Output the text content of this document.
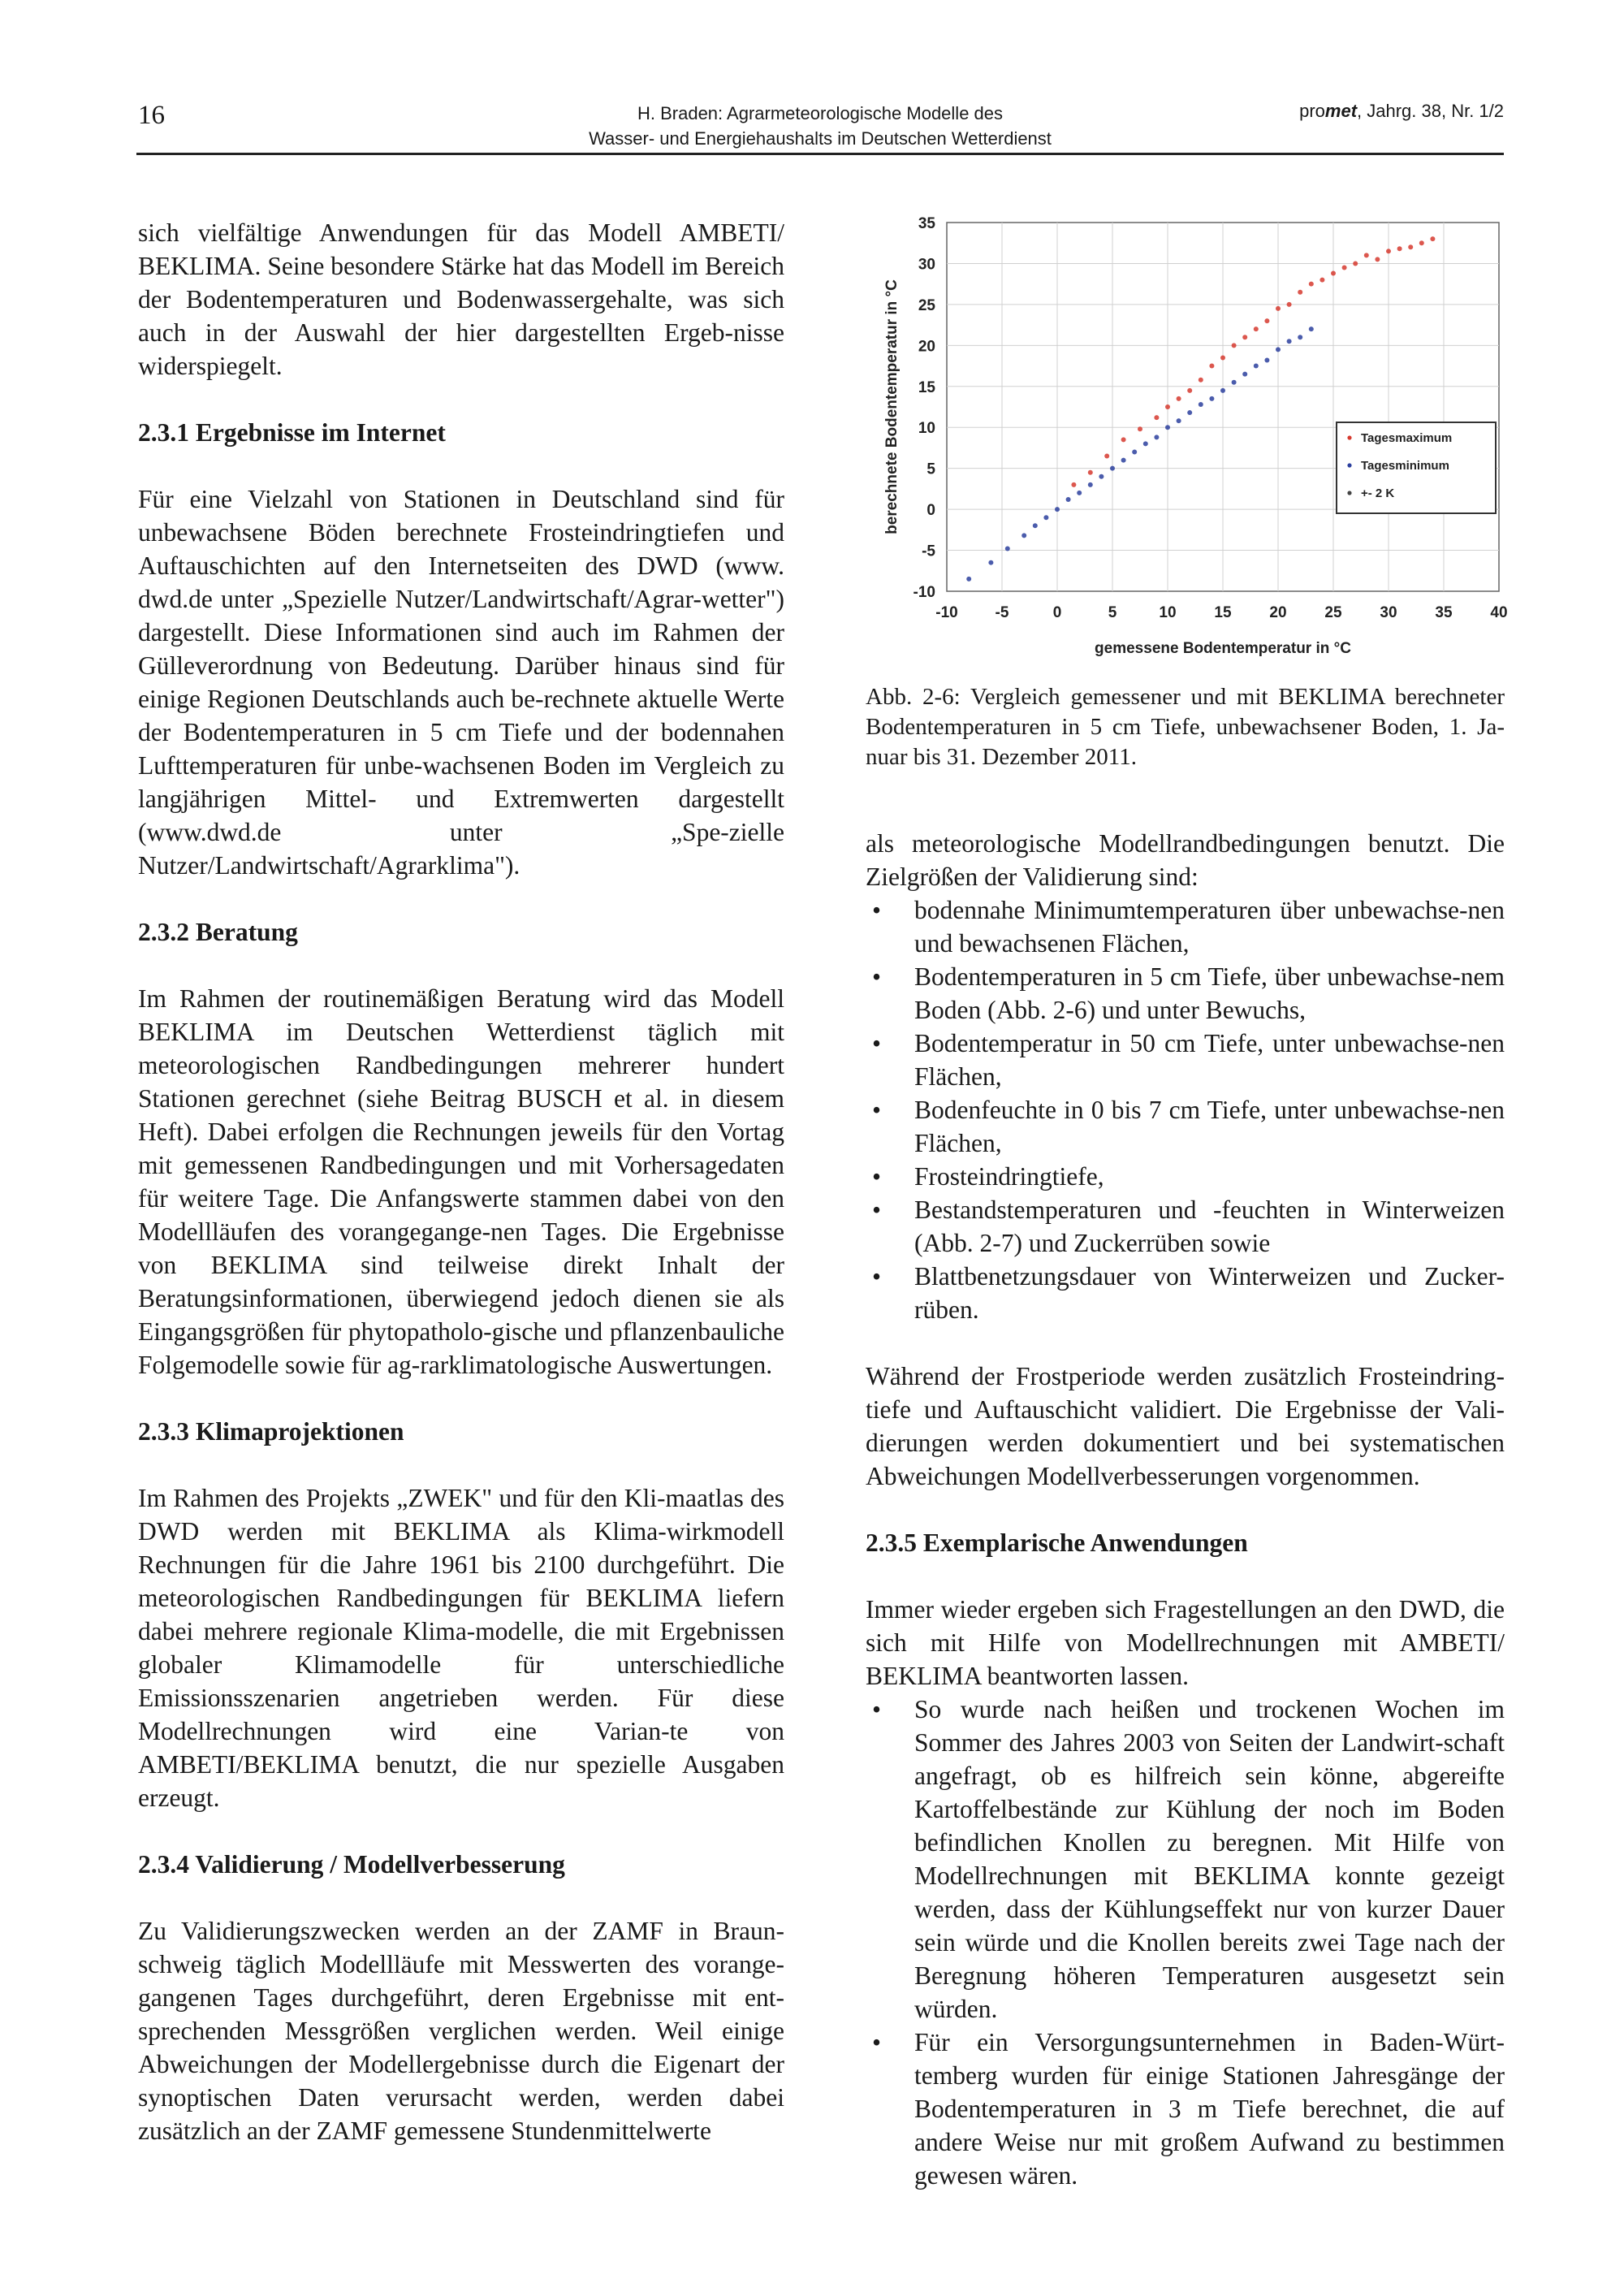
16	H. Braden: Agrarmeteorologische Modelle des
Wasser- und Energiehaushalts im Deutschen Wetterdienst
promet, Jahrg. 38, Nr. 1/2

sich vielfältige Anwendungen für das Modell AMBETI/ BEKLIMA. Seine besondere Stärke hat das Modell im Bereich der Bodentemperaturen und Bodenwassergehalte, was sich auch in der Auswahl der hier dargestellten Ergeb-nisse widerspiegelt.

2.3.1 Ergebnisse im Internet

Für eine Vielzahl von Stationen in Deutschland sind für unbewachsene Böden berechnete Frosteindringtiefen und Auftauschichten auf den Internetseiten des DWD (www. dwd.de unter „Spezielle Nutzer/Landwirtschaft/Agrar-wetter") dargestellt. Diese Informationen sind auch im Rahmen der Gülleverordnung von Bedeutung. Darüber hinaus sind für einige Regionen Deutschlands auch be-rechnete aktuelle Werte der Bodentemperaturen in 5 cm Tiefe und der bodennahen Lufttemperaturen für unbe-wachsenen Boden im Vergleich zu langjährigen Mittel- und Extremwerten dargestellt (www.dwd.de unter „Spe-zielle Nutzer/Landwirtschaft/Agrarklima").

2.3.2 Beratung

Im Rahmen der routinemäßigen Beratung wird das Modell BEKLIMA im Deutschen Wetterdienst täglich mit meteorologischen Randbedingungen mehrerer hundert Stationen gerechnet (siehe Beitrag BUSCH et al. in diesem Heft). Dabei erfolgen die Rechnungen jeweils für den Vortag mit gemessenen Randbedingungen und mit Vorhersagedaten für weitere Tage. Die Anfangswerte stammen dabei von den Modellläufen des vorangegange-nen Tages. Die Ergebnisse von BEKLIMA sind teilweise direkt Inhalt der Beratungsinformationen, überwiegend jedoch dienen sie als Eingangsgrößen für phytopatholo-gische und pflanzenbauliche Folgemodelle sowie für ag-rarklimatologische Auswertungen.

2.3.3 Klimaprojektionen

Im Rahmen des Projekts „ZWEK" und für den Kli-maatlas des DWD werden mit BEKLIMA als Klima-wirkmodell Rechnungen für die Jahre 1961 bis 2100 durchgeführt. Die meteorologischen Randbedingungen für BEKLIMA liefern dabei mehrere regionale Klima-modelle, die mit Ergebnissen globaler Klimamodelle für unterschiedliche Emissionsszenarien angetrieben werden. Für diese Modellrechnungen wird eine Varian-te von AMBETI/BEKLIMA benutzt, die nur spezielle Ausgaben erzeugt.

2.3.4 Validierung / Modellverbesserung

Zu Validierungszwecken werden an der ZAMF in Braun-schweig täglich Modellläufe mit Messwerten des vorange-gangenen Tages durchgeführt, deren Ergebnisse mit ent-sprechenden Messgrößen verglichen werden. Weil einige Abweichungen der Modellergebnisse durch die Eigenart der synoptischen Daten verursacht werden, werden dabei zusätzlich an der ZAMF gemessene Stundenmittelwerte

-10 -5	0	5	10 15 20 25 30 35 40
-10
-5
0
5
10
15
20
25
30
35
gemessene Bodentemperatur in °C
berechnete Bodentemperatur in °C	Tagesmaximum
Tagesminimum
+- 2 K
Abb. 2-6: Vergleich gemessener und mit BEKLIMA berechneter Bodentemperaturen in 5 cm Tiefe, unbewachsener Boden, 1. Ja-nuar bis 31. Dezember 2011.

als meteorologische Modellrandbedingungen benutzt. Die Zielgrößen der Validierung sind:

• bodennahe Minimumtemperaturen über unbewachse-nen und bewachsenen Flächen,
• Bodentemperaturen in 5 cm Tiefe, über unbewachse-nem Boden (Abb. 2-6) und unter Bewuchs,
• Bodentemperatur in 50 cm Tiefe, unter unbewachse-nen Flächen,
• Bodenfeuchte in 0 bis 7 cm Tiefe, unter unbewachse-nen Flächen,
• Frosteindringtiefe,
• Bestandstemperaturen und -feuchten in Winterweizen (Abb. 2-7) und Zuckerrüben sowie
• Blattbenetzungsdauer von Winterweizen und Zucker-rüben.

Während der Frostperiode werden zusätzlich Frosteindring-tiefe und Auftauschicht validiert. Die Ergebnisse der Vali-dierungen werden dokumentiert und bei systematischen Abweichungen Modellverbesserungen vorgenommen.

2.3.5 Exemplarische Anwendungen

Immer wieder ergeben sich Fragestellungen an den DWD, die sich mit Hilfe von Modellrechnungen mit AMBETI/ BEKLIMA beantworten lassen.

• So wurde nach heißen und trockenen Wochen im Sommer des Jahres 2003 von Seiten der Landwirt-schaft angefragt, ob es hilfreich sein könne, abgereifte Kartoffelbestände zur Kühlung der noch im Boden befindlichen Knollen zu beregnen. Mit Hilfe von Modellrechnungen mit BEKLIMA konnte gezeigt werden, dass der Kühlungseffekt nur von kurzer Dauer sein würde und die Knollen bereits zwei Tage nach der Beregnung höheren Temperaturen ausgesetzt sein würden.
• Für ein Versorgungsunternehmen in Baden-Würt-temberg wurden für einige Stationen Jahresgänge der Bodentemperaturen in 3 m Tiefe berechnet, die auf andere Weise nur mit großem Aufwand zu bestimmen gewesen wären.
